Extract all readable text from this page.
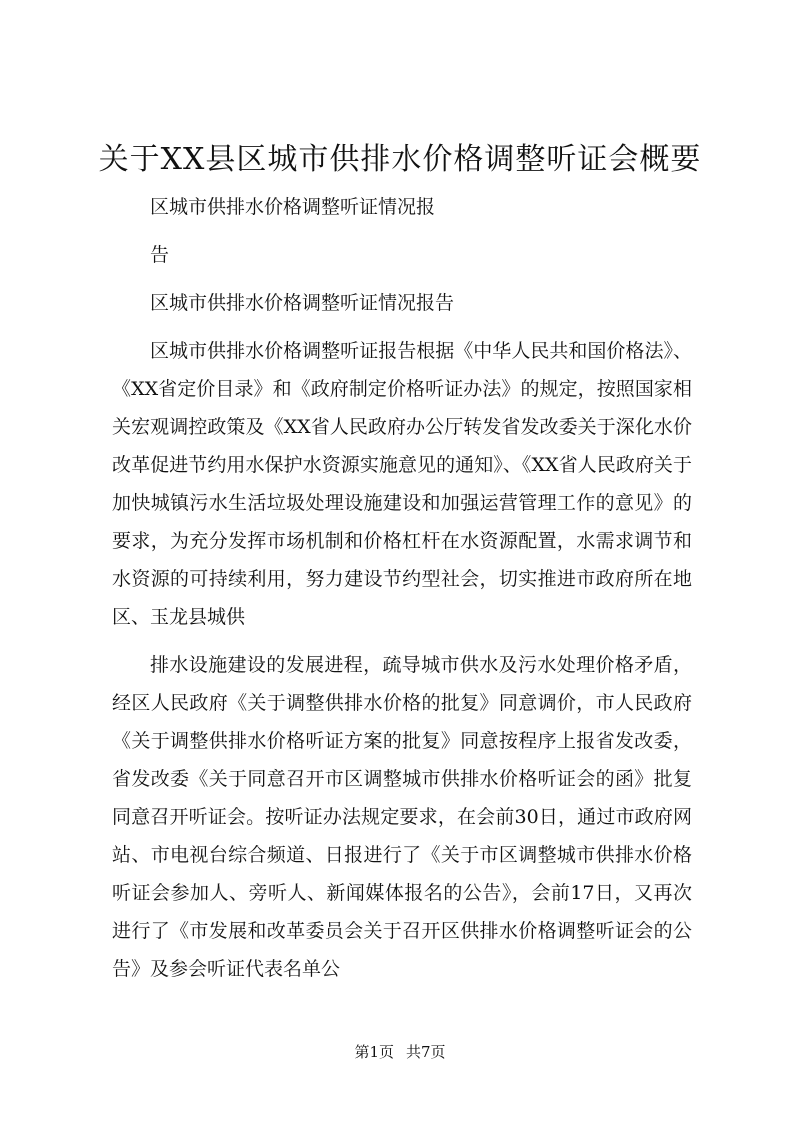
关于XX县区城市供排水价格调整听证会概要

区城市供排水价格调整听证情况报

告

区城市供排水价格调整听证情况报告

区城市供排水价格调整听证报告根据《中华人民共和国价格法》、《XX省定价目录》和《政府制定价格听证办法》的规定，按照国家相关宏观调控政策及《XX省人民政府办公厅转发省发改委关于深化水价改革促进节约用水保护水资源实施意见的通知》、《XX省人民政府关于加快城镇污水生活垃圾处理设施建设和加强运营管理工作的意见》的要求，为充分发挥市场机制和价格杠杆在水资源配置，水需求调节和水资源的可持续利用，努力建设节约型社会，切实推进市政府所在地区、玉龙县城供

排水设施建设的发展进程，疏导城市供水及污水处理价格矛盾，经区人民政府《关于调整供排水价格的批复》同意调价，市人民政府《关于调整供排水价格听证方案的批复》同意按程序上报省发改委，省发改委《关于同意召开市区调整城市供排水价格听证会的函》批复同意召开听证会。按听证办法规定要求，在会前30日，通过市政府网站、市电视台综合频道、日报进行了《关于市区调整城市供排水价格听证会参加人、旁听人、新闻媒体报名的公告》，会前17日，又再次进行了《市发展和改革委员会关于召开区供排水价格调整听证会的公告》及参会听证代表名单公

第1页 共7页
